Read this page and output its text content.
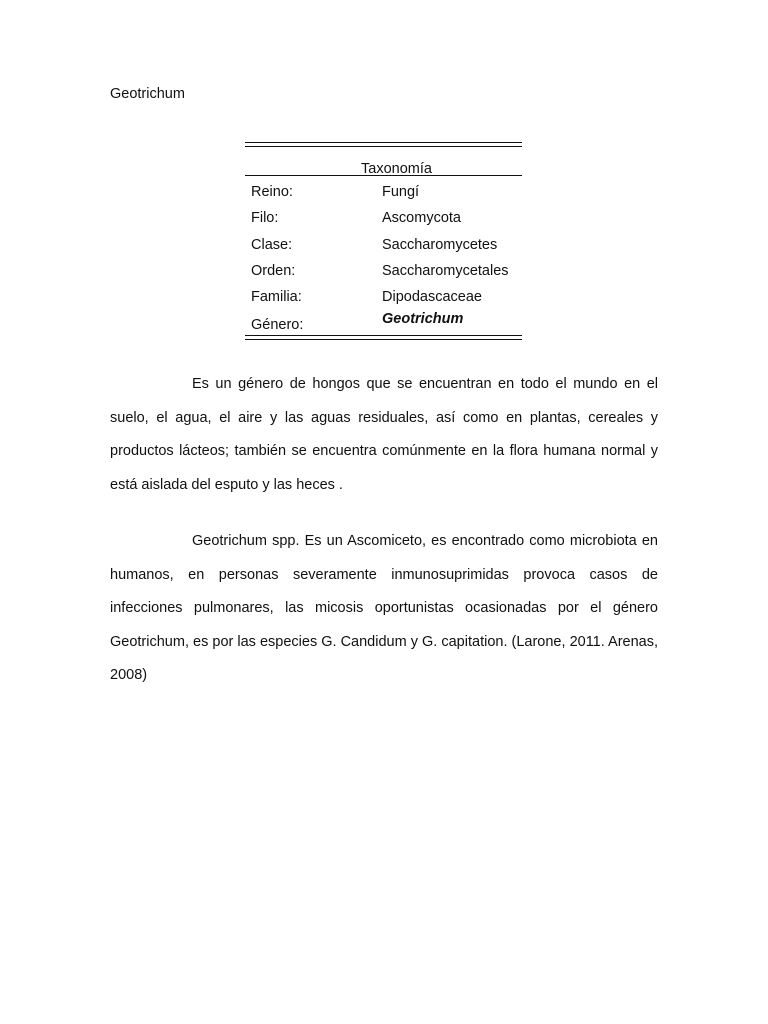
Geotrichum
Taxonomía
Reino:	Fungí
Filo:	Ascomycota
Clase:	Saccharomycetes
Orden:	Saccharomycetales
Familia:	Dipodascaceae
Género:	Geotrichum

Es un género de hongos que se encuentran en todo el mundo en el suelo, el agua, el aire y las aguas residuales, así como en plantas, cereales y productos lácteos; también se encuentra comúnmente en la flora humana normal y está aislada del esputo y las heces .

Geotrichum spp. Es un Ascomiceto, es encontrado como microbiota en humanos, en personas severamente inmunosuprimidas provoca casos de infecciones pulmonares, las micosis oportunistas ocasionadas por el género Geotrichum, es por las especies G. Candidum y G. capitation. (Larone, 2011. Arenas, 2008)
